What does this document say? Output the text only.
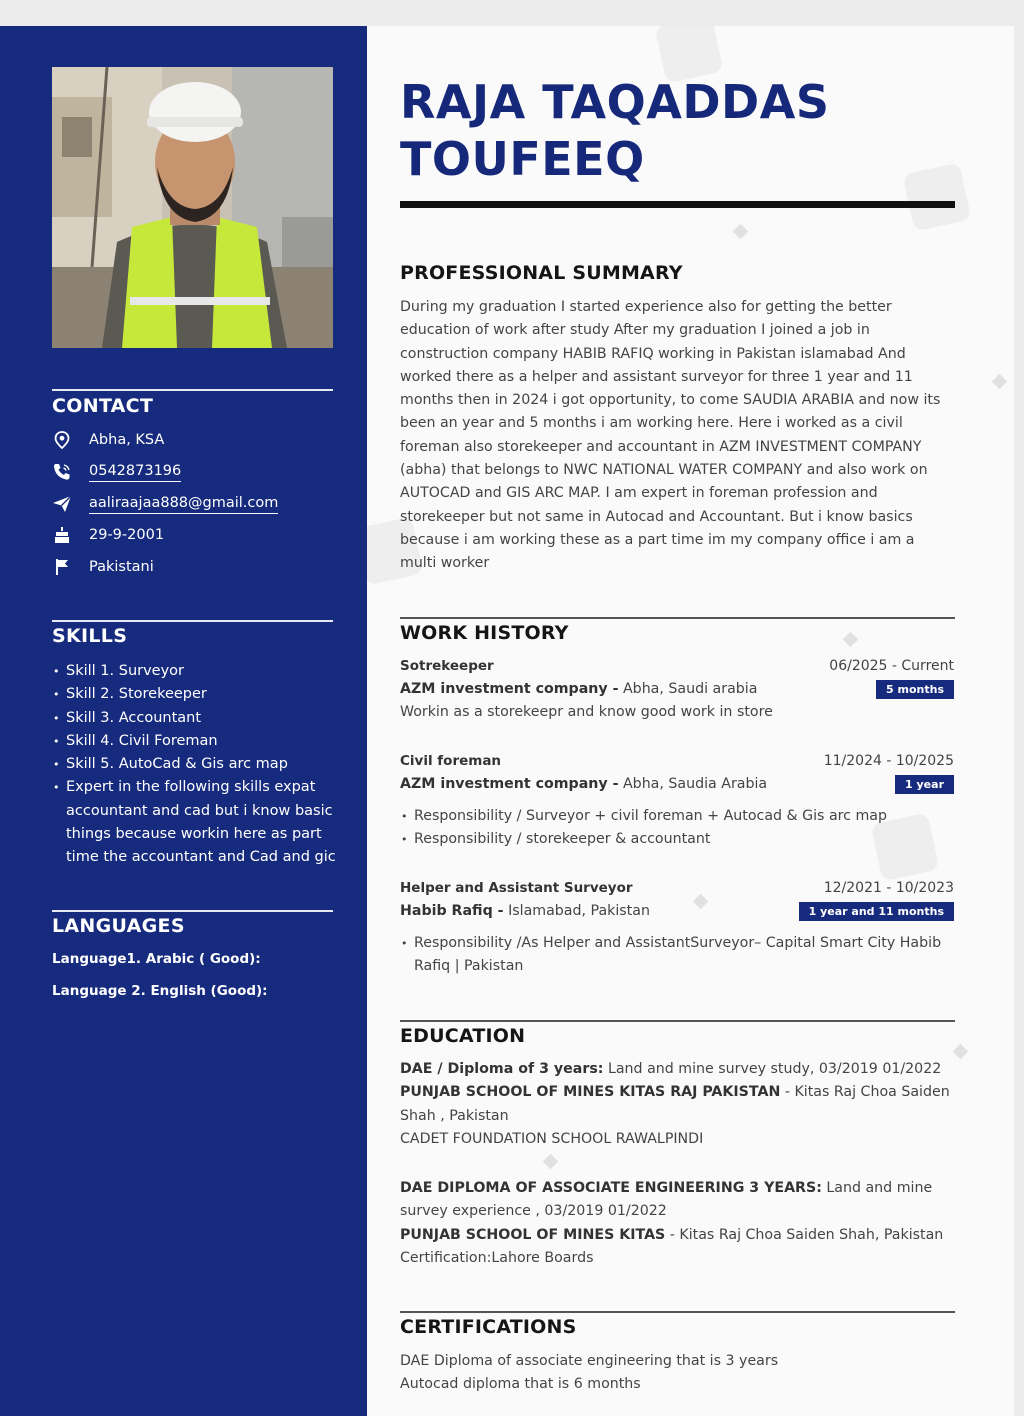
CONTACT
Abha, KSA
0542873196
aaliraajaa888@gmail.com
29-9-2001
Pakistani
SKILLS
• Skill 1. Surveyor
• Skill 2. Storekeeper
• Skill 3. Accountant
• Skill 4. Civil Foreman
• Skill 5. AutoCad & Gis arc map
• Expert in the following skills expat accountant and cad but i know basic things because workin here as part time the accountant and Cad and gic
LANGUAGES
Language1. Arabic ( Good):
Language 2. English (Good):
RAJA TAQADDAS
TOUFEEQ
PROFESSIONAL SUMMARY
During my graduation I started experience also for getting the better education of work after study After my graduation I joined a job in construction company HABIB RAFIQ working in Pakistan islamabad And worked there as a helper and assistant surveyor for three 1 year and 11 months then in 2024 i got opportunity, to come SAUDIA ARABIA and now its been an year and 5 months i am working here. Here i worked as a civil foreman also storekeeper and accountant in AZM INVESTMENT COMPANY (abha) that belongs to NWC NATIONAL WATER COMPANY and also work on AUTOCAD and GIS ARC MAP. I am expert in foreman profession and storekeeper but not same in Autocad and Accountant. But i know basics because i am working these as a part time im my company office i am a multi worker
WORK HISTORY
Sotrekeeper	06/2025 - Current
AZM investment company - Abha, Saudi arabia	5 months
Workin as a storekeepr and know good work in store
Civil foreman	11/2024 - 10/2025
AZM investment company - Abha, Saudia Arabia	1 year
• Responsibility / Surveyor + civil foreman + Autocad & Gis arc map
• Responsibility / storekeeper & accountant
Helper and Assistant Surveyor	12/2021 - 10/2023
Habib Rafiq - Islamabad, Pakistan	1 year and 11 months
• Responsibility /As Helper and AssistantSurveyor– Capital Smart City Habib Rafiq | Pakistan
EDUCATION
DAE / Diploma of 3 years: Land and mine survey study, 03/2019 01/2022
PUNJAB SCHOOL OF MINES KITAS RAJ PAKISTAN - Kitas Raj Choa Saiden Shah , Pakistan
CADET FOUNDATION SCHOOL RAWALPINDI
DAE DIPLOMA OF ASSOCIATE ENGINEERING 3 YEARS: Land and mine survey experience , 03/2019 01/2022
PUNJAB SCHOOL OF MINES KITAS - Kitas Raj Choa Saiden Shah, Pakistan
Certification:Lahore Boards
CERTIFICATIONS
DAE Diploma of associate engineering that is 3 years
Autocad diploma that is 6 months
